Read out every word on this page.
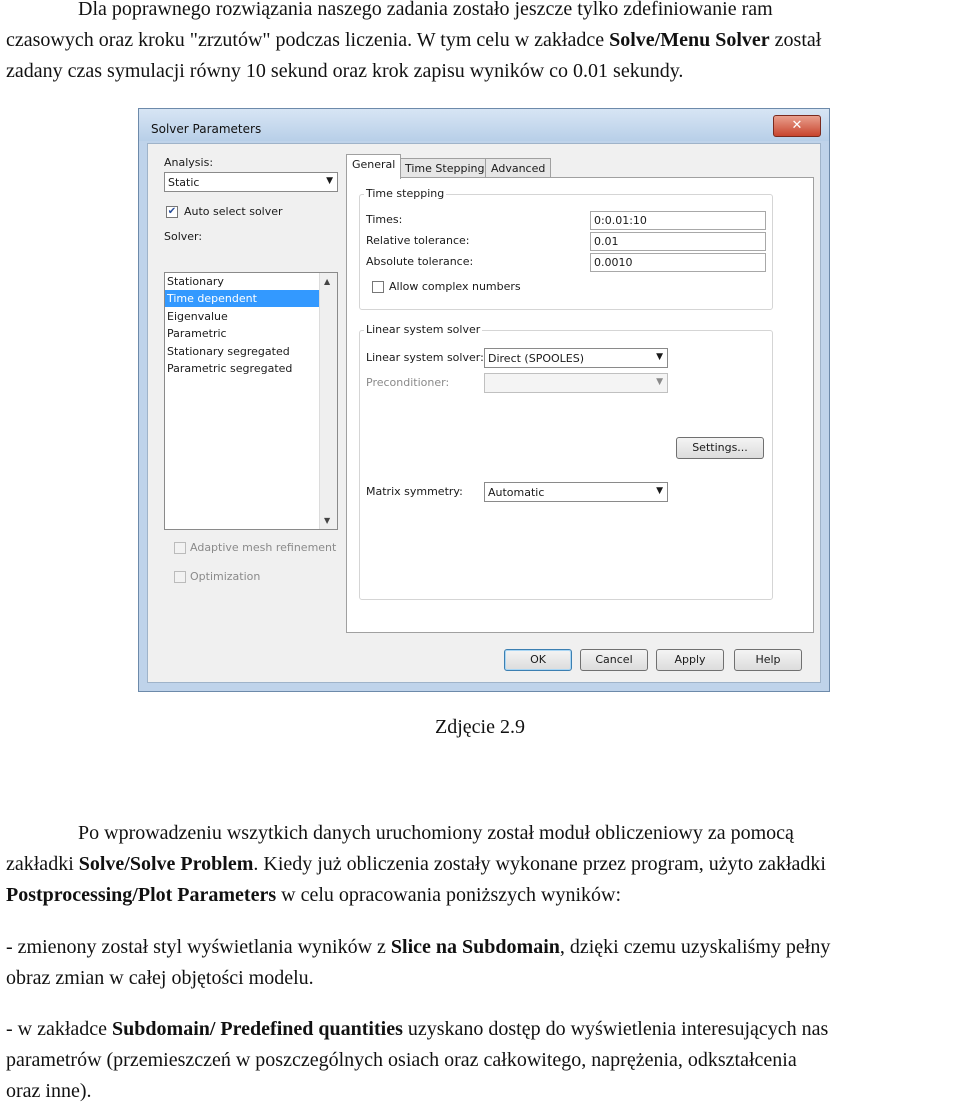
Dla poprawnego rozwiązania naszego zadania zostało jeszcze tylko zdefiniowanie ram
czasowych oraz kroku "zrzutów" podczas liczenia. W tym celu w zakładce Solve/Menu Solver został
zadany czas symulacji równy 10 sekund oraz krok zapisu wyników co 0.01 sekundy.
Solver Parameters	✕
Analysis:
Static	▼
✔ Auto select solver
Solver:
Stationary
Time dependent
Eigenvalue
Parametric
Stationary segregated
Parametric segregated
▲
▼
Adaptive mesh refinement
Optimization
General Time Stepping Advanced
Time stepping
Times:	0:0.01:10
Relative tolerance:	0.01
Absolute tolerance:	0.0010
Allow complex numbers
Linear system solver
Linear system solver: Direct (SPOOLES)	▼
Preconditioner:	▼
Settings...
Matrix symmetry: Automatic	▼
OK	Cancel	Apply	Help
Zdjęcie 2.9
Po wprowadzeniu wszytkich danych uruchomiony został moduł obliczeniowy za pomocą
zakładki Solve/Solve Problem. Kiedy już obliczenia zostały wykonane przez program, użyto zakładki
Postprocessing/Plot Parameters w celu opracowania poniższych wyników:
- zmienony został styl wyświetlania wyników z Slice na Subdomain, dzięki czemu uzyskaliśmy pełny
obraz zmian w całej objętości modelu.
- w zakładce Subdomain/ Predefined quantities uzyskano dostęp do wyświetlenia interesujących nas
parametrów (przemieszczeń w poszczególnych osiach oraz całkowitego, naprężenia, odkształcenia
oraz inne).
